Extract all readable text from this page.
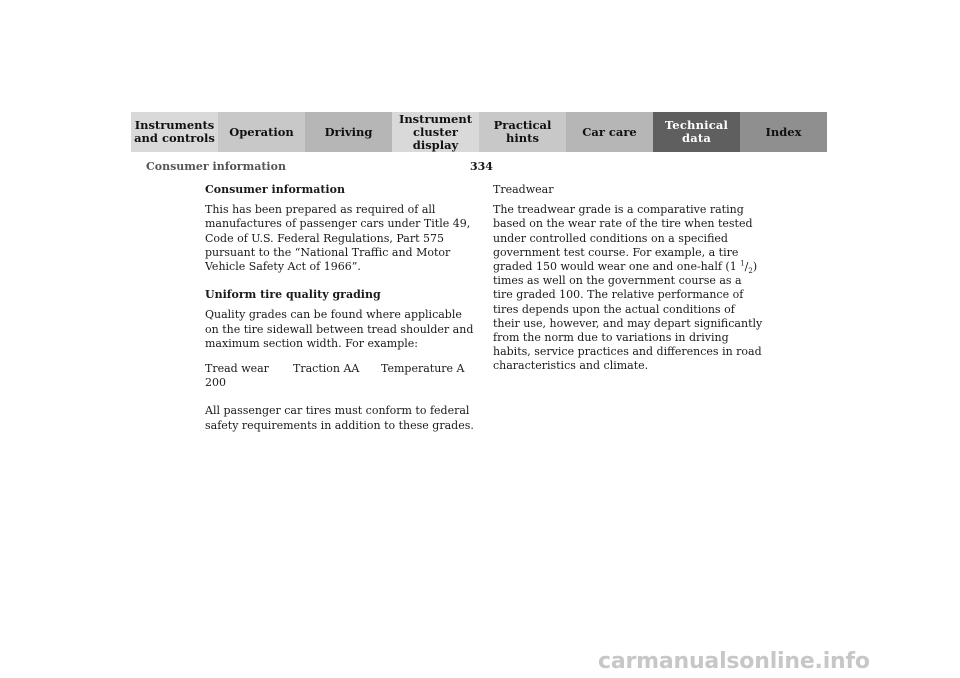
Instruments
and controls Operation	Driving
Instrument
cluster display
Practical hints	Car care Technical
data	Index
Consumer information	334
Consumer information

This has been prepared as required of all manufactures of passenger cars under Title 49, Code of U.S. Federal Regulations, Part 575 pursuant to the “National Traffic and Motor Vehicle Safety Act of 1966”.

Uniform tire quality grading

Quality grades can be found where applicable on the tire sidewall between tread shoulder and maximum section width. For example:

Tread wear 200
Traction AA	Temperature A

All passenger car tires must conform to federal safety requirements in addition to these grades.

Treadwear

The treadwear grade is a comparative rating based on the wear rate of the tire when tested under controlled conditions on a specified government test course. For example, a tire graded 150 would wear one and one-half (1 $^1/_2$) times as well on the government course as a tire graded 100. The relative performance of tires depends upon the actual conditions of their use, however, and may depart significantly from the norm due to variations in driving habits, service practices and differences in road characteristics and climate.

carmanualsonline.info
